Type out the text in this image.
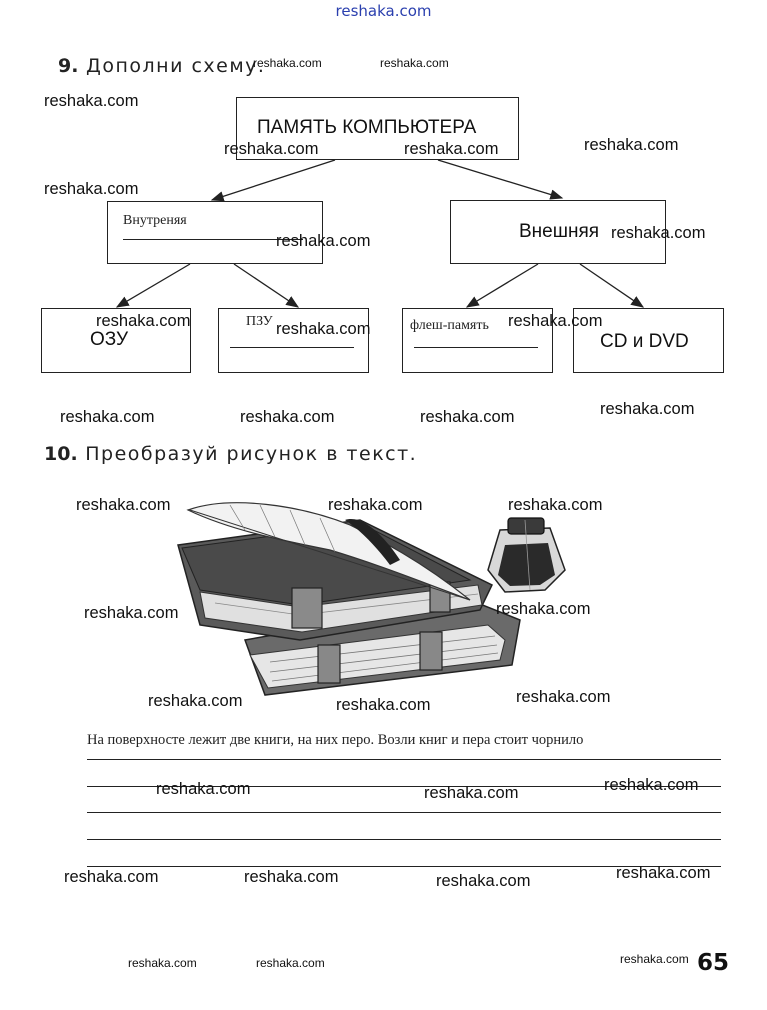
reshaka.com
9. Дополни схему.
ПАМЯТЬ КОМПЬЮТЕРА
Внутреняя
Внешняя
ОЗУ
ПЗУ	флеш-память
CD и DVD
10. Преобразуй рисунок в текст.
На поверхносте лежит две книги, на них перо. Возли книг и пера стоит чорнило
reshaka.com	reshaka.com
reshaka.com
reshaka.com	reshaka.com	reshaka.com
reshaka.com
reshaka.com	reshaka.com
reshaka.com	reshaka.com	reshaka.com
reshaka.com	reshaka.com	reshaka.com	reshaka.com
reshaka.com	reshaka.com	reshaka.com
reshaka.com	reshaka.com
reshaka.com	reshaka.com	reshaka.com
reshaka.com	reshaka.com	reshaka.com
reshaka.com	reshaka.com	reshaka.com	reshaka.com
reshaka.com	reshaka.com	reshaka.com 65
